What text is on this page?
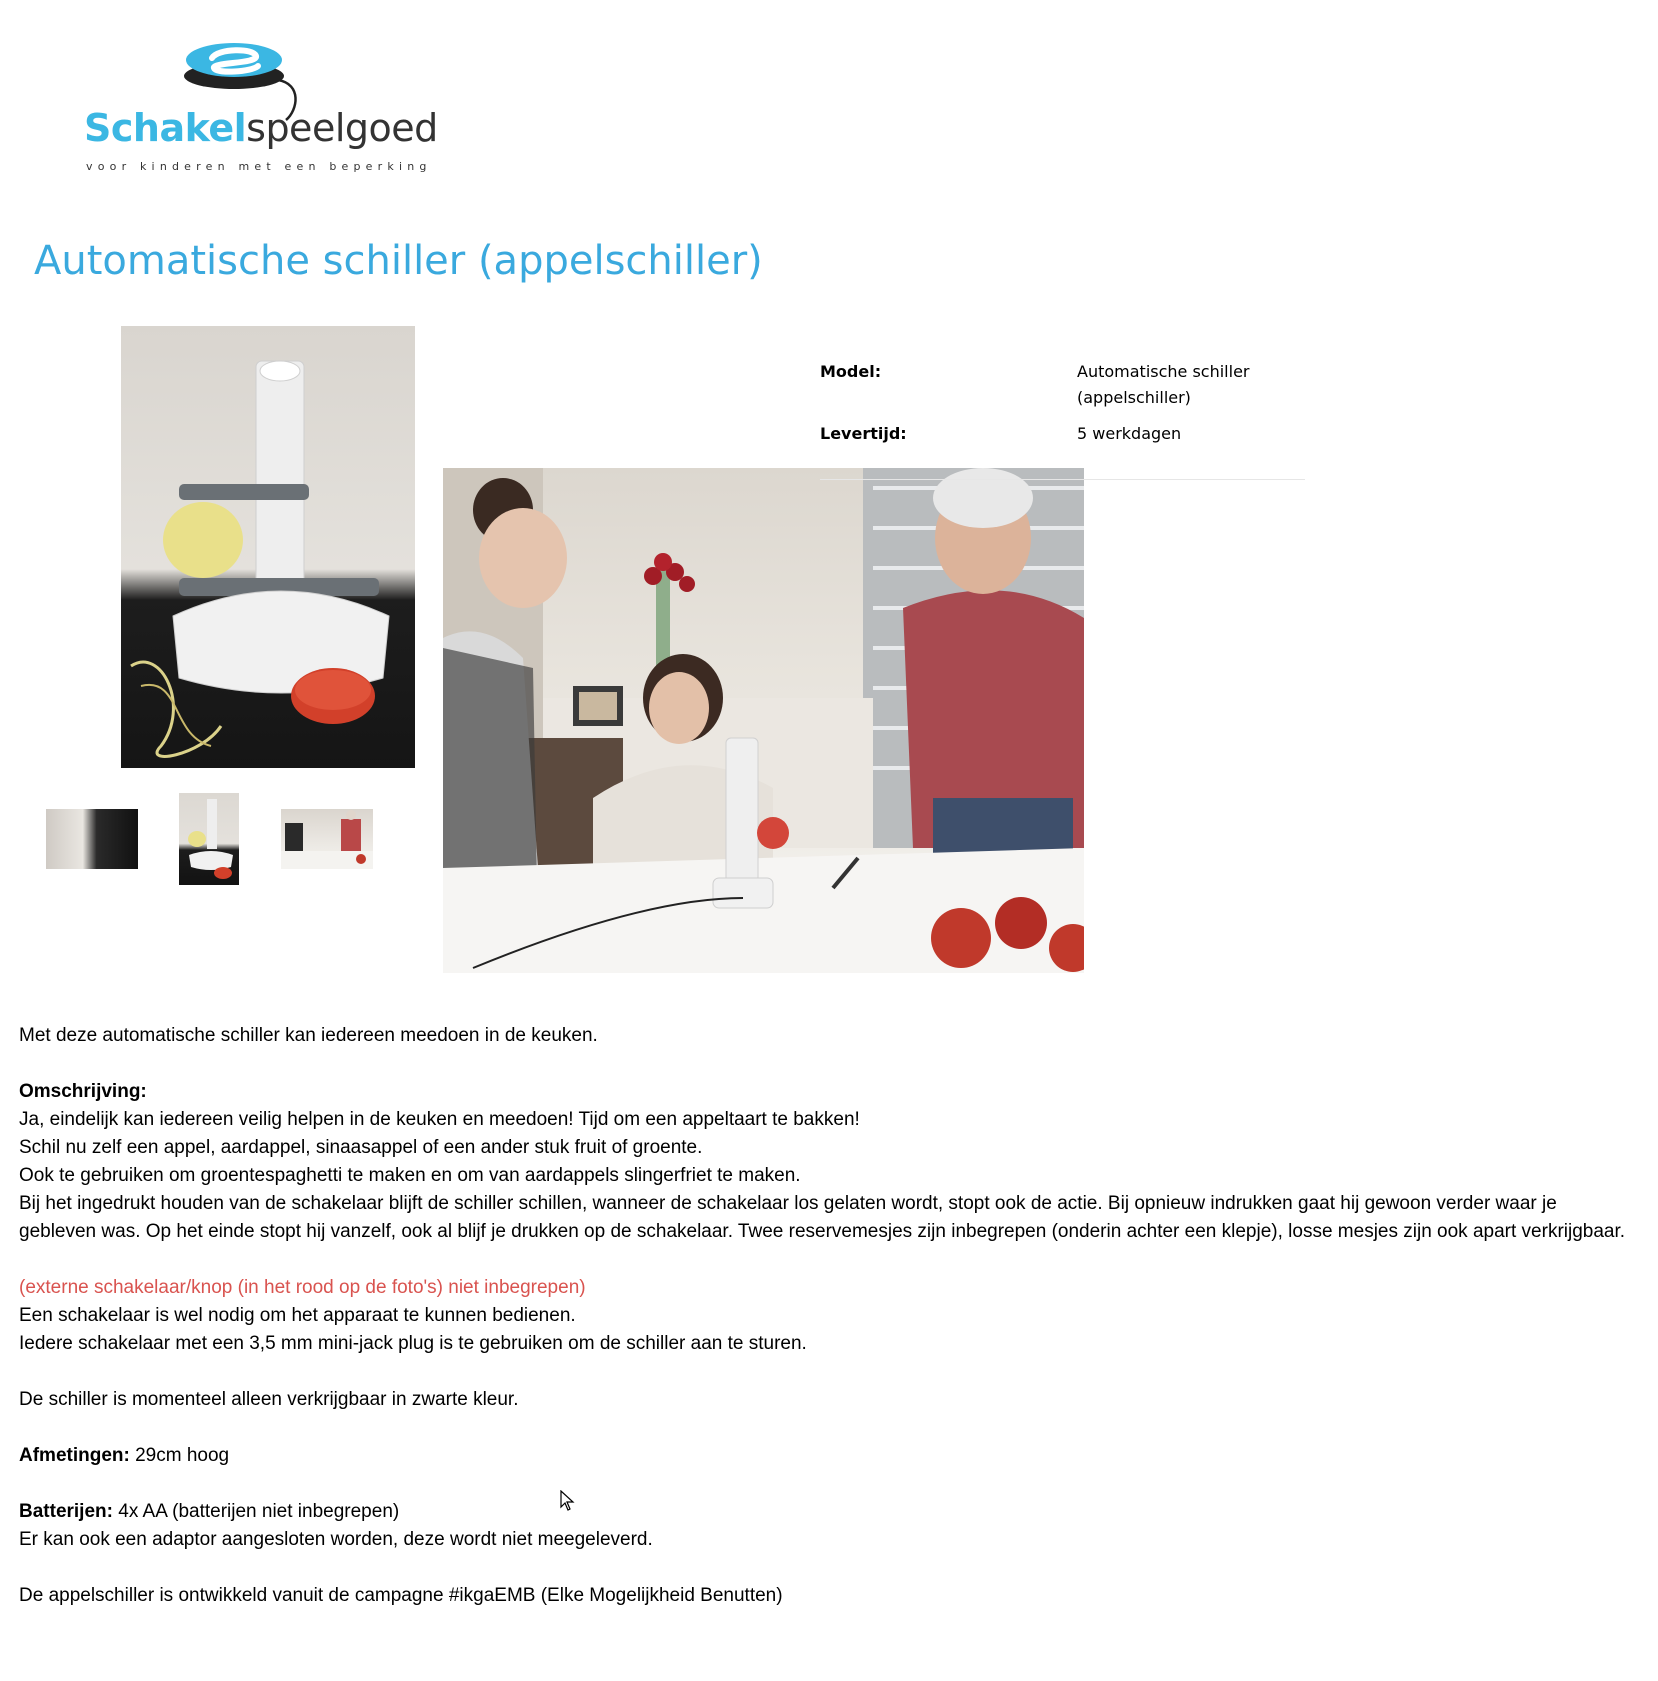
Schakelspeelgoed
voor kinderen met een beperking
Automatische schiller (appelschiller)
Model:	Automatische schiller (appelschiller)
Levertijd:	5 werkdagen

Met deze automatische schiller kan iedereen meedoen in de keuken.

Omschrijving:
Ja, eindelijk kan iedereen veilig helpen in de keuken en meedoen! Tijd om een appeltaart te bakken!
Schil nu zelf een appel, aardappel, sinaasappel of een ander stuk fruit of groente.
Ook te gebruiken om groentespaghetti te maken en om van aardappels slingerfriet te maken.
Bij het ingedrukt houden van de schakelaar blijft de schiller schillen, wanneer de schakelaar los gelaten wordt, stopt ook de actie. Bij opnieuw indrukken gaat hij gewoon verder waar je gebleven was. Op het einde stopt hij vanzelf, ook al blijf je drukken op de schakelaar. Twee reservemesjes zijn inbegrepen (onderin achter een klepje), losse mesjes zijn ook apart verkrijgbaar.

(externe schakelaar/knop (in het rood op de foto's) niet inbegrepen)
Een schakelaar is wel nodig om het apparaat te kunnen bedienen.
Iedere schakelaar met een 3,5 mm mini-jack plug is te gebruiken om de schiller aan te sturen.

De schiller is momenteel alleen verkrijgbaar in zwarte kleur.

Afmetingen: 29cm hoog

Batterijen: 4x AA (batterijen niet inbegrepen)
Er kan ook een adaptor aangesloten worden, deze wordt niet meegeleverd.

De appelschiller is ontwikkeld vanuit de campagne #ikgaEMB (Elke Mogelijkheid Benutten)
